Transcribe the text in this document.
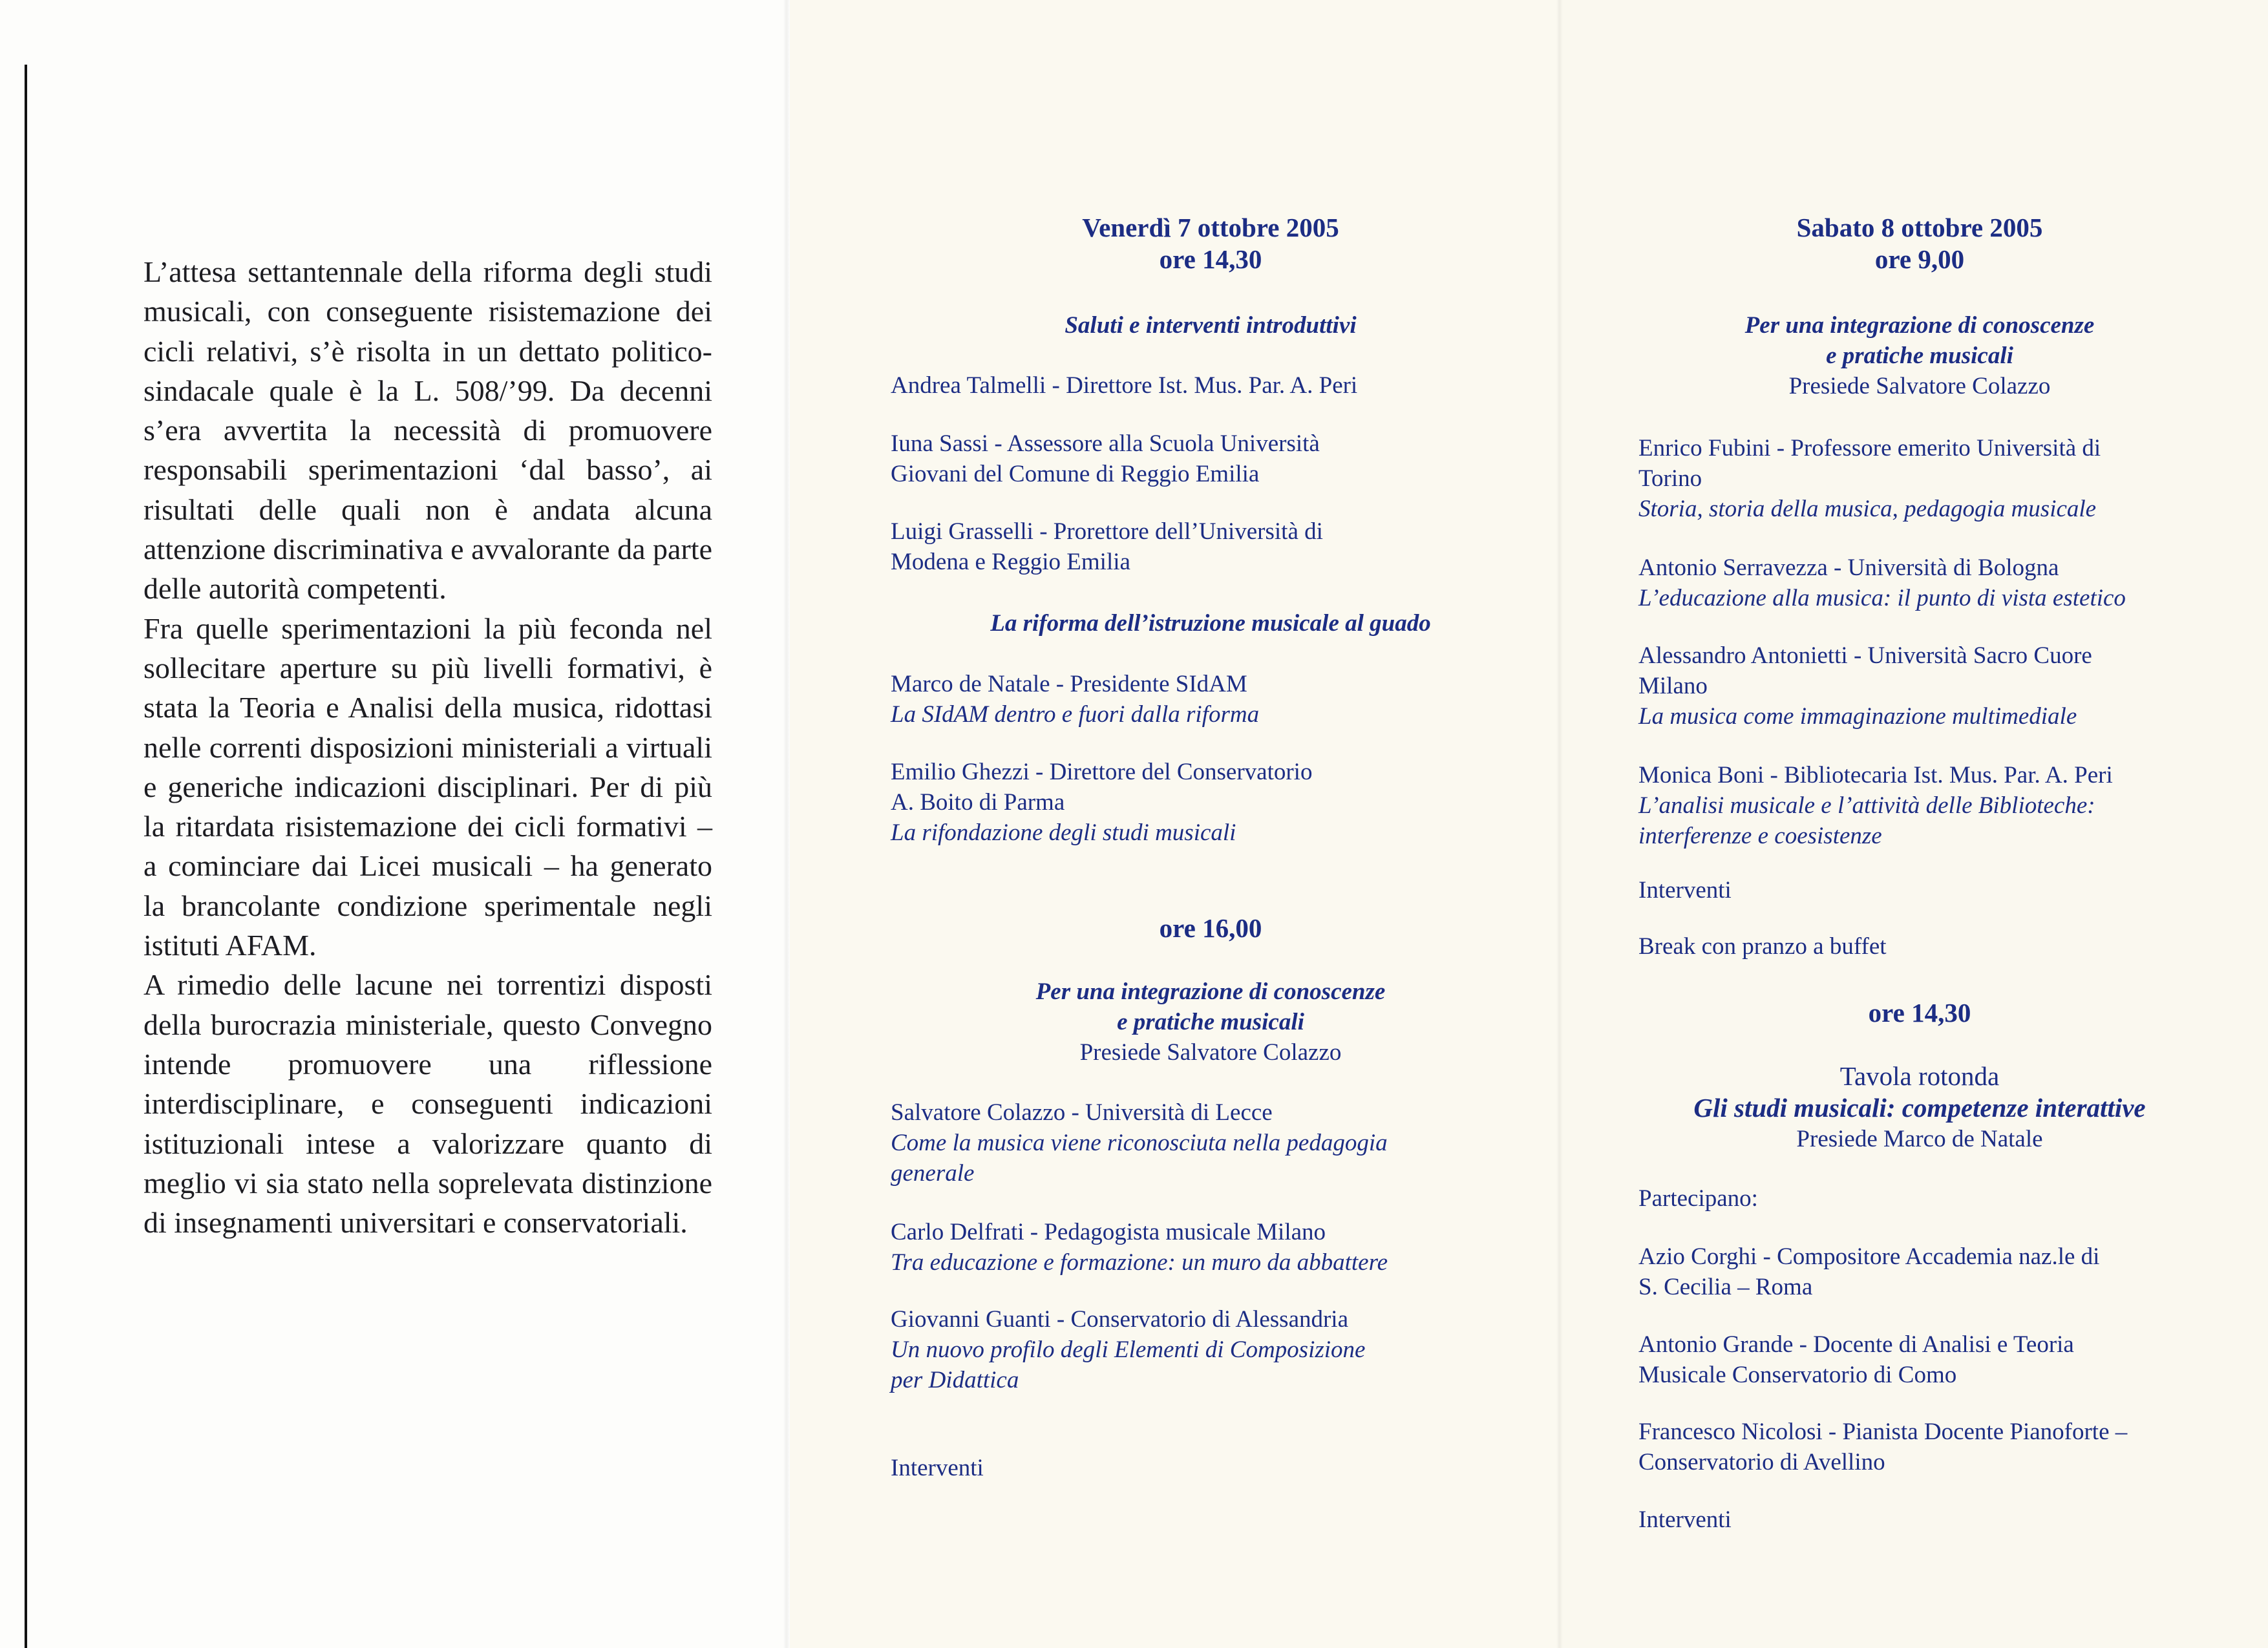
L’attesa settantennale della riforma degli studi musicali, con conseguente risistemazione dei cicli relativi, s’è risolta in un dettato politico-sindacale quale è la L. 508/’99. Da decenni s’era avvertita la necessità di promuovere responsabili sperimentazioni ‘dal basso’, ai risultati delle quali non è andata alcuna attenzione discriminativa e avvalorante da parte delle autorità competenti.

Fra quelle sperimentazioni la più feconda nel sollecitare aperture su più livelli formativi, è stata la Teoria e Analisi della musica, ridottasi nelle correnti disposizioni ministeriali a virtuali e generiche indicazioni disciplinari. Per di più la ritardata risistemazione dei cicli formativi – a cominciare dai Licei musicali – ha generato la brancolante condizione sperimentale negli istituti AFAM.

A rimedio delle lacune nei torrentizi disposti della burocrazia ministeriale, questo Convegno intende promuovere una riflessione interdisciplinare, e conseguenti indicazioni istituzionali intese a valorizzare quanto di meglio vi sia stato nella soprelevata distinzione di insegnamenti universitari e conservatoriali.

Venerdì 7 ottobre 2005
ore 14,30
Saluti e interventi introduttivi

Andrea Talmelli - Direttore Ist. Mus. Par. A. Peri

Iuna Sassi - Assessore alla Scuola Università

Giovani del Comune di Reggio Emilia

Luigi Grasselli - Prorettore dell’Università di

Modena e Reggio Emilia

La riforma dell’istruzione musicale al guado

Marco de Natale - Presidente SIdAM

La SIdAM dentro e fuori dalla riforma

Emilio Ghezzi - Direttore del Conservatorio

A. Boito di Parma

La rifondazione degli studi musicali

ore 16,00

Per una integrazione di conoscenze

e pratiche musicali

Presiede Salvatore Colazzo

Salvatore Colazzo - Università di Lecce

Come la musica viene riconosciuta nella pedagogia

generale

Carlo Delfrati - Pedagogista musicale Milano

Tra educazione e formazione: un muro da abbattere

Giovanni Guanti - Conservatorio di Alessandria

Un nuovo profilo degli Elementi di Composizione

per Didattica

Interventi
Sabato 8 ottobre 2005
ore 9,00

Per una integrazione di conoscenze

e pratiche musicali

Presiede Salvatore Colazzo

Enrico Fubini - Professore emerito Università di

Torino

Storia, storia della musica, pedagogia musicale

Antonio Serravezza - Università di Bologna

L’educazione alla musica: il punto di vista estetico

Alessandro Antonietti - Università Sacro Cuore

Milano

La musica come immaginazione multimediale

Monica Boni - Bibliotecaria Ist. Mus. Par. A. Peri

L’analisi musicale e l’attività delle Biblioteche:

interferenze e coesistenze

Interventi
Break con pranzo a buffet
ore 14,30

Tavola rotonda

Gli studi musicali: competenze interattive

Presiede Marco de Natale

Partecipano:

Azio Corghi - Compositore Accademia naz.le di

S. Cecilia – Roma

Antonio Grande - Docente di Analisi e Teoria

Musicale Conservatorio di Como

Francesco Nicolosi - Pianista Docente Pianoforte –

Conservatorio di Avellino

Interventi
